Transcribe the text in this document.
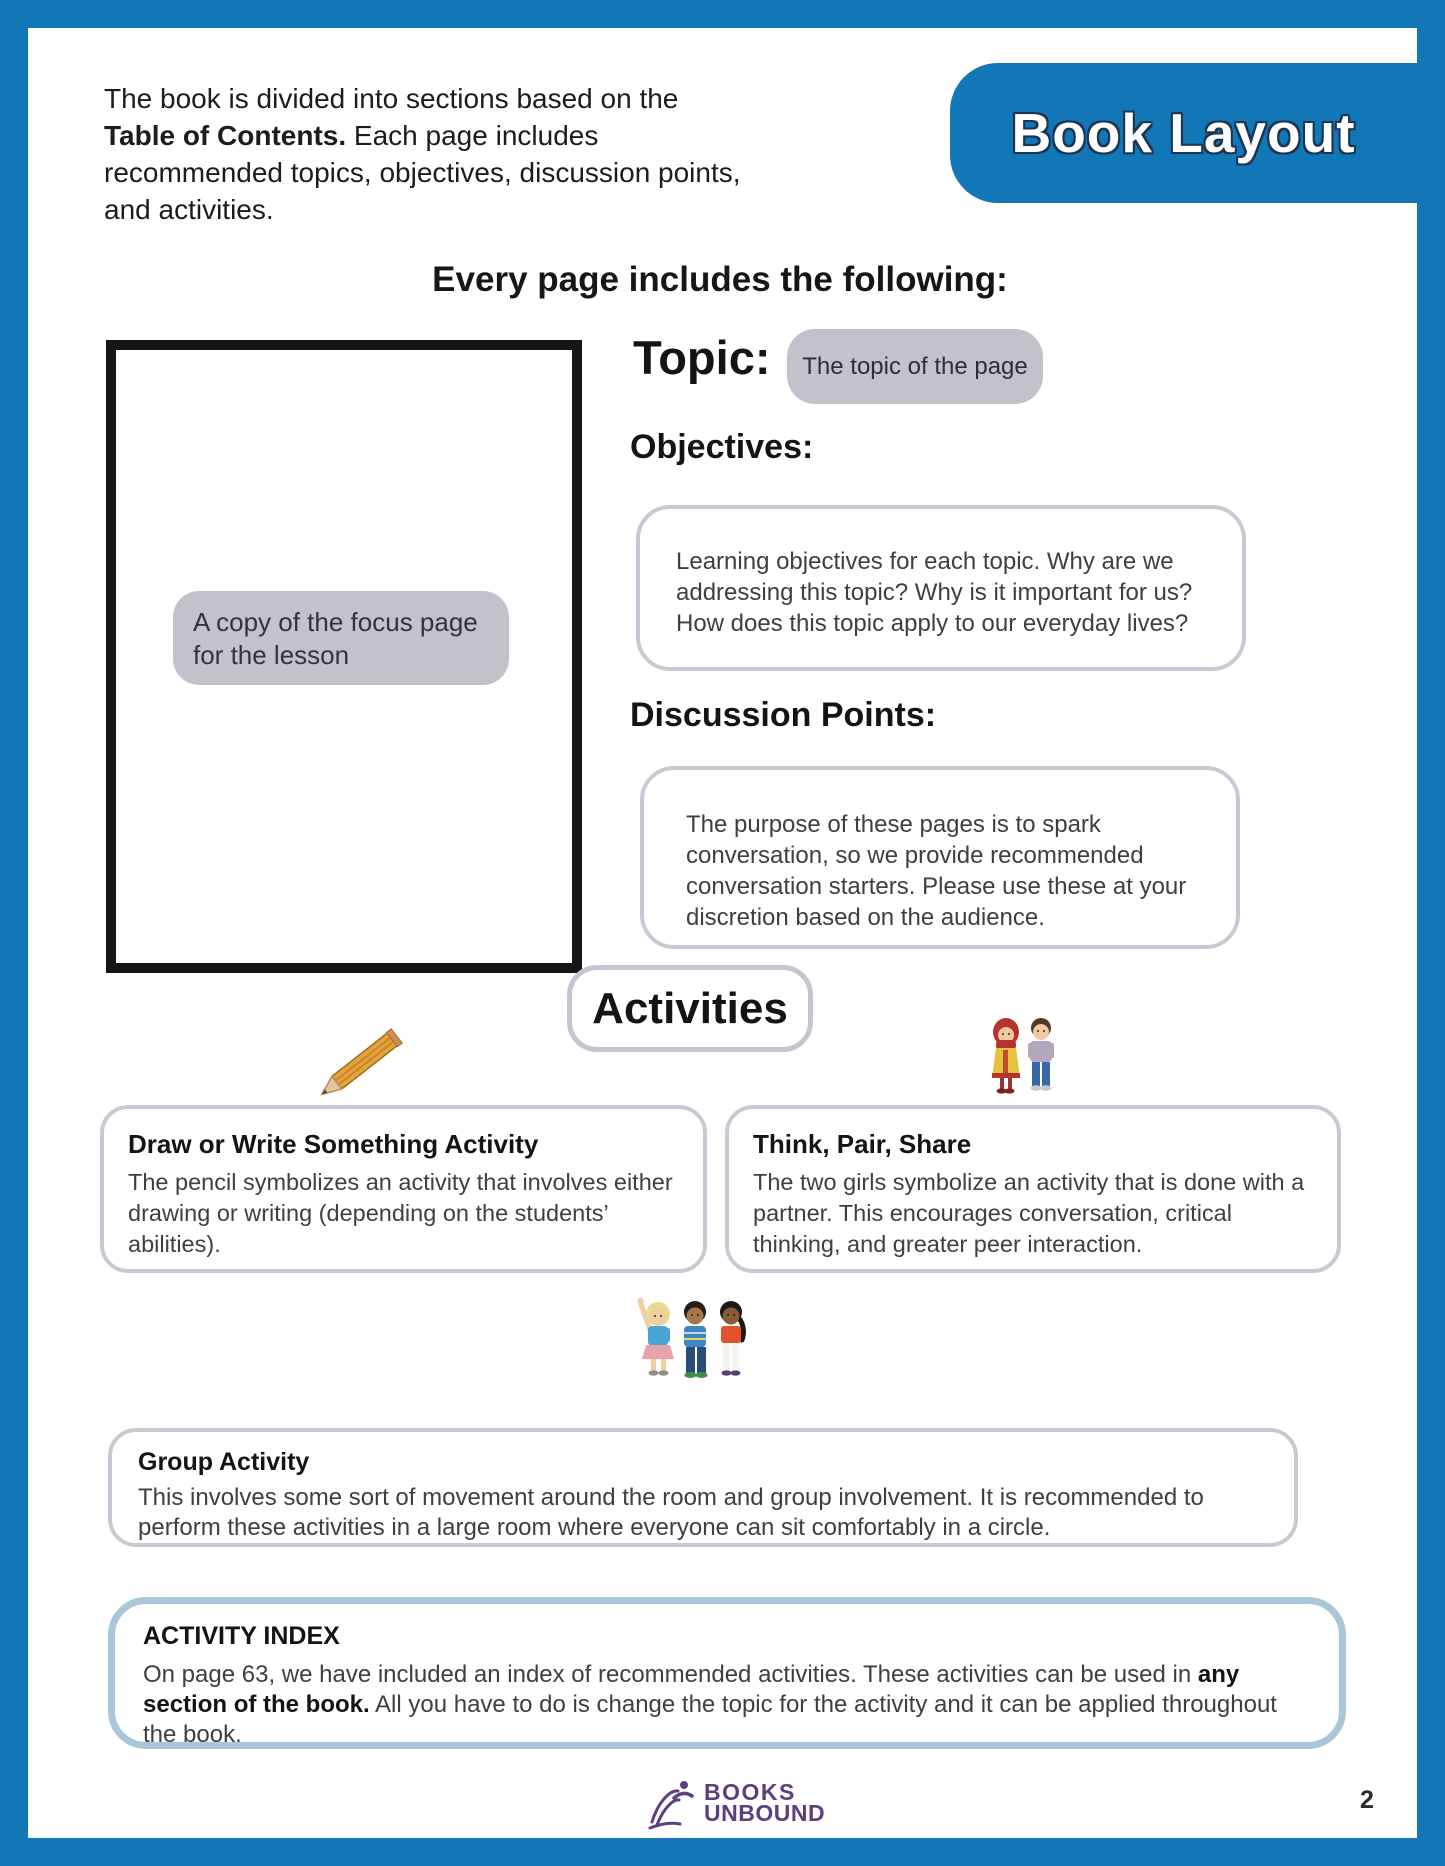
The book is divided into sections based on the Table of Contents. Each page includes recommended topics, objectives, discussion points, and activities.
Book Layout
Every page includes the following:
A copy of the focus page for the lesson
Topic: The topic of the page
Objectives:
Learning objectives for each topic. Why are we addressing this topic? Why is it important for us? How does this topic apply to our everyday lives?
Discussion Points:
The purpose of these pages is to spark conversation, so we provide recommended conversation starters. Please use these at your discretion based on the audience.
Activities
Draw or Write Something Activity
The pencil symbolizes an activity that involves either drawing or writing (depending on the students’ abilities).
Think, Pair, Share
The two girls symbolize an activity that is done with a partner. This encourages conversation, critical thinking, and greater peer interaction.
Group Activity
This involves some sort of movement around the room and group involvement. It is recommended to perform these activities in a large room where everyone can sit comfortably in a circle.
ACTIVITY INDEX
On page 63, we have included an index of recommended activities. These activities can be used in any section of the book. All you have to do is change the topic for the activity and it can be applied throughout the book.
BOOKS
UNBOUND	2
